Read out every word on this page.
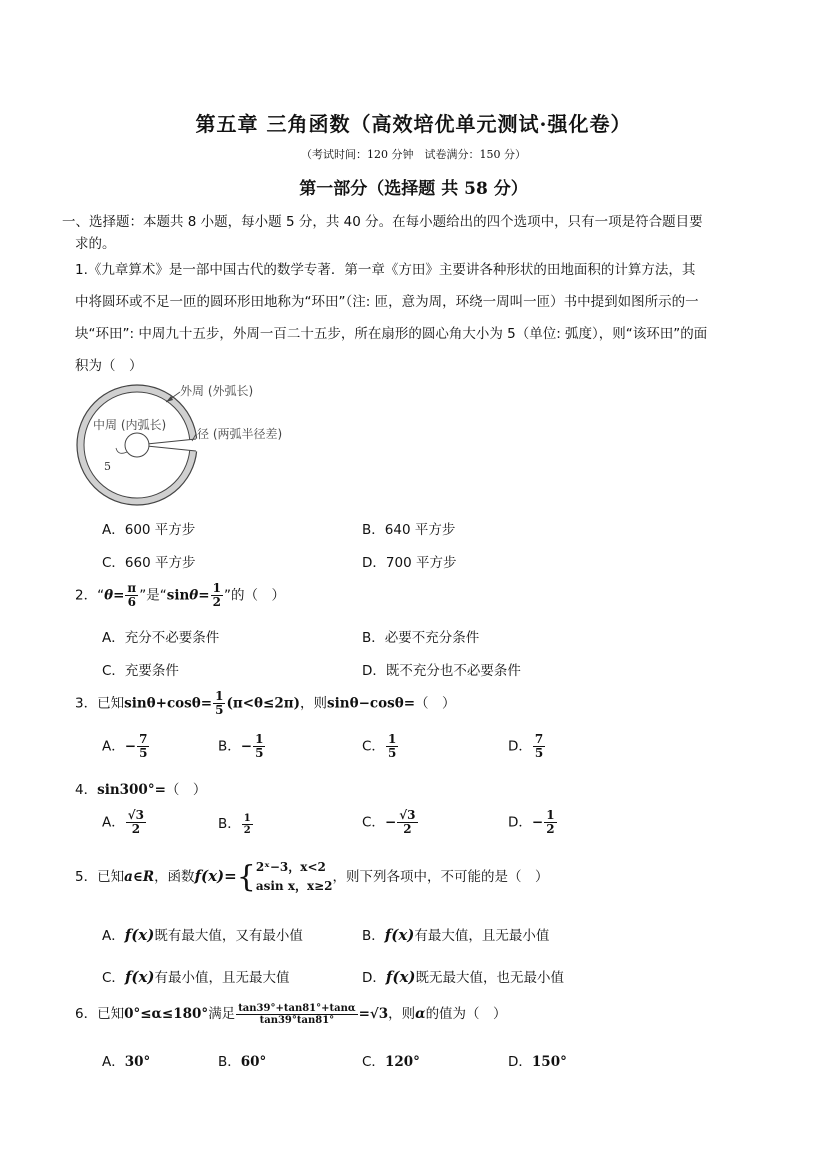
第五章 三角函数（高效培优单元测试·强化卷）
（考试时间：120 分钟　试卷满分：150 分）
第一部分（选择题 共 58 分）
一、选择题：本题共 8 小题，每小题 5 分，共 40 分。在每小题给出的四个选项中，只有一项是符合题目要
求的。
1.《九章算术》是一部中国古代的数学专著．第一章《方田》主要讲各种形状的田地面积的计算方法，其
中将圆环或不足一匝的圆环形田地称为“环田”（注: 匝，意为周，环绕一周叫一匝）书中提到如图所示的一
块“环田”: 中周九十五步，外周一百二十五步，所在扇形的圆心角大小为 5（单位: 弧度），则“该环田”的面
积为（　）
5
中周 (内弧长)
外周 (外弧长)
径 (两弧半径差)
A．600 平方步	B．640 平方步
C．660 平方步	D．700 平方步
2．“$\theta= \frac{\pi}{6}$ ”是“$\sin\theta= \frac{1}{2}$ ”的（　）
A．充分不必要条件	B．必要不充分条件
C．充要条件	D．既不充分也不必要条件
3．已知$\sin\theta+\cos\theta= \frac{1}{5} (\pi<\theta\le 2\pi)$，则sinθ−cosθ=（　）
A．− $\frac{7}{5}$	B．− $\frac{1}{5}$	C． $\frac{1}{5}$	D． $\frac{7}{5}$
4．sin300°=（　）
A． $\frac{√3}{2}$	B． $\frac{1}{2}$	C．− $\frac{√3}{2}$	D．− $\frac{1}{2}$
5．已知a∈R，函数f(x)={ 2ˣ−3，x<2
asin x，x≥2
，则下列各项中，不可能的是（　）
A．f(x)既有最大值，又有最小值	B．f(x)有最大值，且无最小值
C．f(x)有最小值，且无最大值	D．f(x)既无最大值，也无最小值
6．已知0°≤α≤180°满足 $\frac{\tan 39^\circ+\tan 81^\circ+\tan\alpha}{\tan 39^\circ\tan 81^\circ} =√3$，则α的值为（　）
A．30°	B．60°	C．120°	D．150°
